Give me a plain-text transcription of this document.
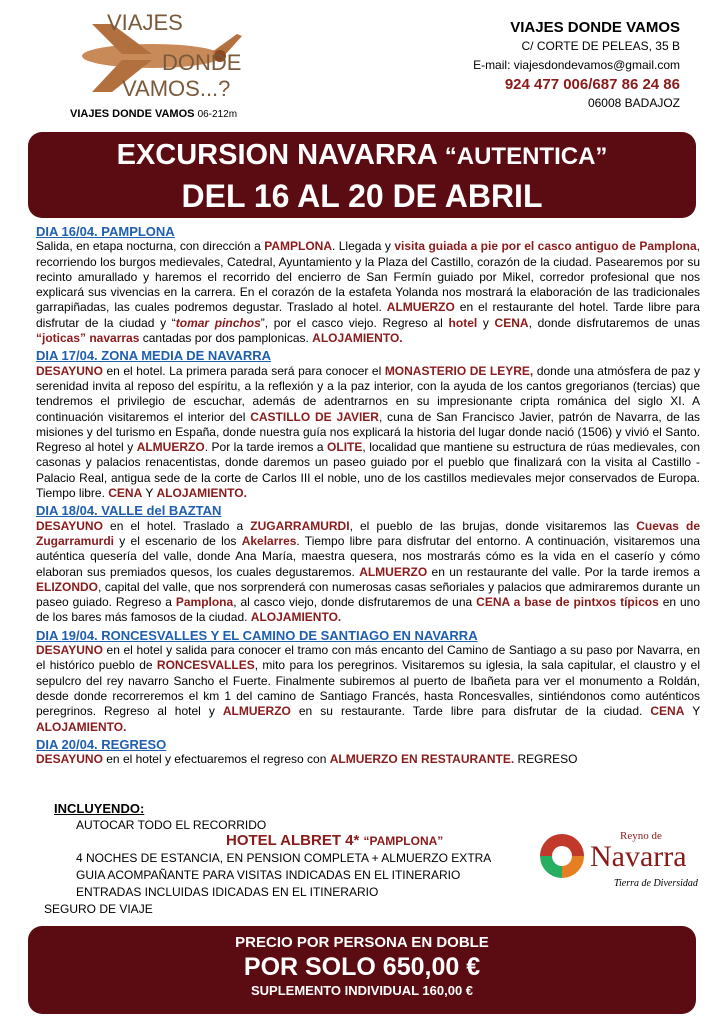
VIAJES
DONDE
VAMOS...?
VIAJES DONDE VAMOS 06-212m
VIAJES DONDE VAMOS
C/ CORTE DE PELEAS, 35 B
E-mail: viajesdondevamos@gmail.com
924 477 006/687 86 24 86
06008 BADAJOZ
EXCURSION NAVARRA “AUTENTICA”
DEL 16 AL 20 DE ABRIL
DIA 16/04. PAMPLONA
Salida, en etapa nocturna, con dirección a PAMPLONA. Llegada y visita guiada a pie por el casco antiguo de Pamplona, recorriendo los burgos medievales, Catedral, Ayuntamiento y la Plaza del Castillo, corazón de la ciudad. Pasearemos por su recinto amurallado y haremos el recorrido del encierro de San Fermín guiado por Mikel, corredor profesional que nos explicará sus vivencias en la carrera. En el corazón de la estafeta Yolanda nos mostrará la elaboración de las tradicionales garrapiñadas, las cuales podremos degustar. Traslado al hotel. ALMUERZO en el restaurante del hotel. Tarde libre para disfrutar de la ciudad y “tomar pinchos”, por el casco viejo. Regreso al hotel y CENA, donde disfrutaremos de unas “joticas” navarras cantadas por dos pamplonicas. ALOJAMIENTO.
DIA 17/04. ZONA MEDIA DE NAVARRA
DESAYUNO en el hotel. La primera parada será para conocer el MONASTERIO DE LEYRE, donde una atmósfera de paz y serenidad invita al reposo del espíritu, a la reflexión y a la paz interior, con la ayuda de los cantos gregorianos (tercias) que tendremos el privilegio de escuchar, además de adentrarnos en su impresionante cripta románica del siglo XI. A continuación visitaremos el interior del CASTILLO DE JAVIER, cuna de San Francisco Javier, patrón de Navarra, de las misiones y del turismo en España, donde nuestra guía nos explicará la historia del lugar donde nació (1506) y vivió el Santo. Regreso al hotel y ALMUERZO. Por la tarde iremos a OLITE, localidad que mantiene su estructura de rúas medievales, con casonas y palacios renacentistas, donde daremos un paseo guiado por el pueblo que finalizará con la visita al Castillo - Palacio Real, antigua sede de la corte de Carlos III el noble, uno de los castillos medievales mejor conservados de Europa. Tiempo libre. CENA Y ALOJAMIENTO.
DIA 18/04. VALLE del BAZTAN
DESAYUNO en el hotel. Traslado a ZUGARRAMURDI, el pueblo de las brujas, donde visitaremos las Cuevas de Zugarramurdi y el escenario de los Akelarres. Tiempo libre para disfrutar del entorno. A continuación, visitaremos una auténtica quesería del valle, donde Ana María, maestra quesera, nos mostrarás cómo es la vida en el caserío y cómo elaboran sus premiados quesos, los cuales degustaremos. ALMUERZO en un restaurante del valle. Por la tarde iremos a ELIZONDO, capital del valle, que nos sorprenderá con numerosas casas señoriales y palacios que admiraremos durante un paseo guiado. Regreso a Pamplona, al casco viejo, donde disfrutaremos de una CENA a base de pintxos típicos en uno de los bares más famosos de la ciudad. ALOJAMIENTO.
DIA 19/04. RONCESVALLES Y EL CAMINO DE SANTIAGO EN NAVARRA
DESAYUNO en el hotel y salida para conocer el tramo con más encanto del Camino de Santiago a su paso por Navarra, en el histórico pueblo de RONCESVALLES, mito para los peregrinos. Visitaremos su iglesia, la sala capitular, el claustro y el sepulcro del rey navarro Sancho el Fuerte. Finalmente subiremos al puerto de Ibañeta para ver el monumento a Roldán, desde donde recorreremos el km 1 del camino de Santiago Francés, hasta Roncesvalles, sintiéndonos como auténticos peregrinos. Regreso al hotel y ALMUERZO en su restaurante. Tarde libre para disfrutar de la ciudad. CENA Y ALOJAMIENTO.
DIA 20/04. REGRESO
DESAYUNO en el hotel y efectuaremos el regreso con ALMUERZO EN RESTAURANTE. REGRESO
INCLUYENDO:
AUTOCAR TODO EL RECORRIDO
HOTEL ALBRET 4* “PAMPLONA”
4 NOCHES DE ESTANCIA, EN PENSION COMPLETA + ALMUERZO EXTRA
GUIA ACOMPAÑANTE PARA VISITAS INDICADAS EN EL ITINERARIO
ENTRADAS INCLUIDAS IDICADAS EN EL ITINERARIO
SEGURO DE VIAJE
Reyno de
Navarra
Tierra de Diversidad
PRECIO POR PERSONA EN DOBLE
POR SOLO 650,00 €
SUPLEMENTO INDIVIDUAL 160,00 €
